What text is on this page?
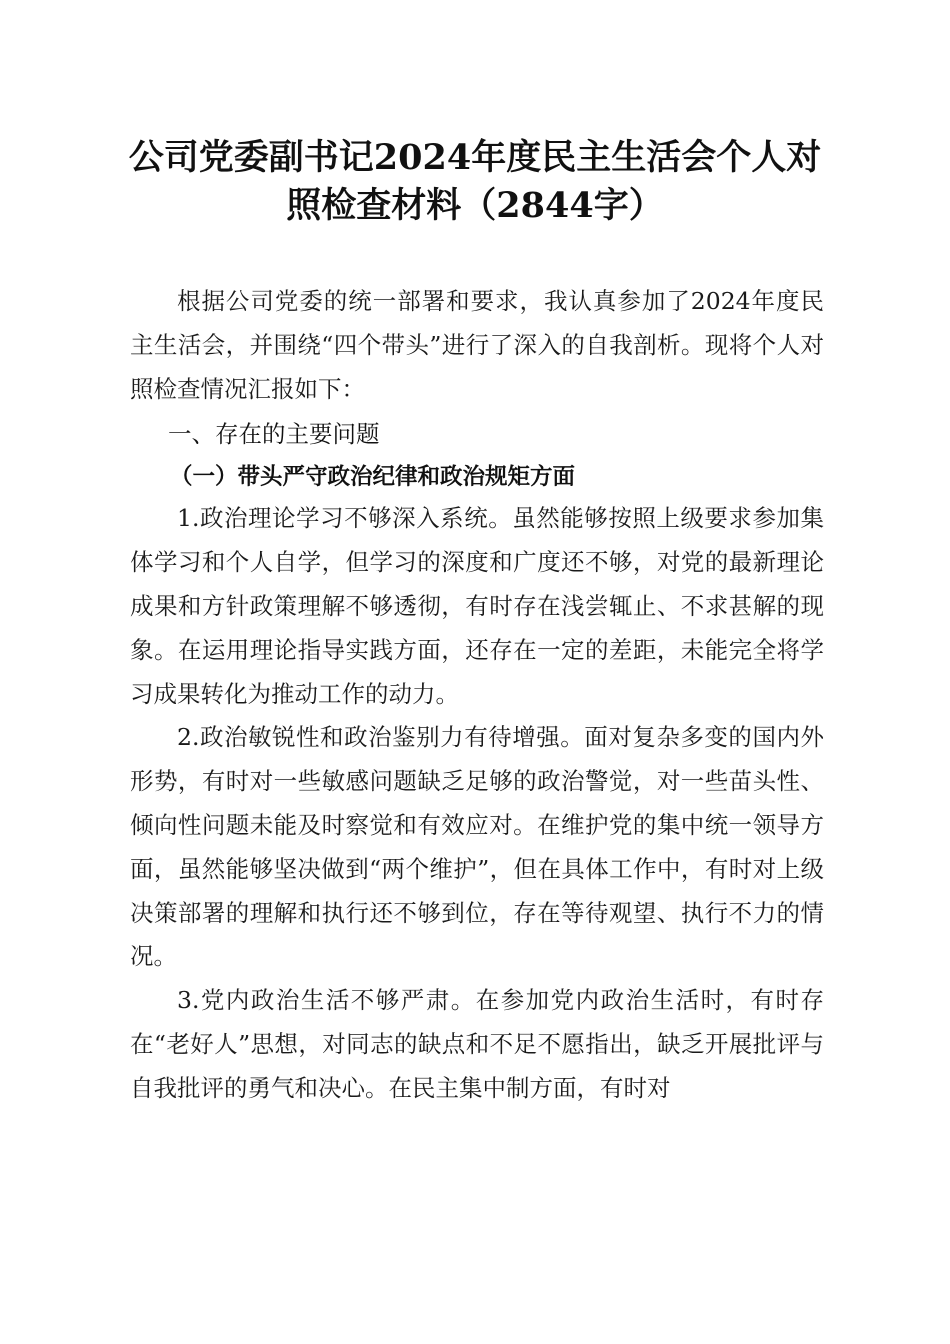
公司党委副书记2024年度民主生活会个人对
照检查材料（2844字）

根据公司党委的统一部署和要求，我认真参加了2024年度民主生活会，并围绕“四个带头”进行了深入的自我剖析。现将个人对照检查情况汇报如下：

一、存在的主要问题

（一）带头严守政治纪律和政治规矩方面

1.政治理论学习不够深入系统。虽然能够按照上级要求参加集体学习和个人自学，但学习的深度和广度还不够，对党的最新理论成果和方针政策理解不够透彻，有时存在浅尝辄止、不求甚解的现象。在运用理论指导实践方面，还存在一定的差距，未能完全将学习成果转化为推动工作的动力。

2.政治敏锐性和政治鉴别力有待增强。面对复杂多变的国内外形势，有时对一些敏感问题缺乏足够的政治警觉，对一些苗头性、倾向性问题未能及时察觉和有效应对。在维护党的集中统一领导方面，虽然能够坚决做到“两个维护”，但在具体工作中，有时对上级决策部署的理解和执行还不够到位，存在等待观望、执行不力的情况。

3.党内政治生活不够严肃。在参加党内政治生活时，有时存在“老好人”思想，对同志的缺点和不足不愿指出，缺乏开展批评与自我批评的勇气和决心。在民主集中制方面，有时对
